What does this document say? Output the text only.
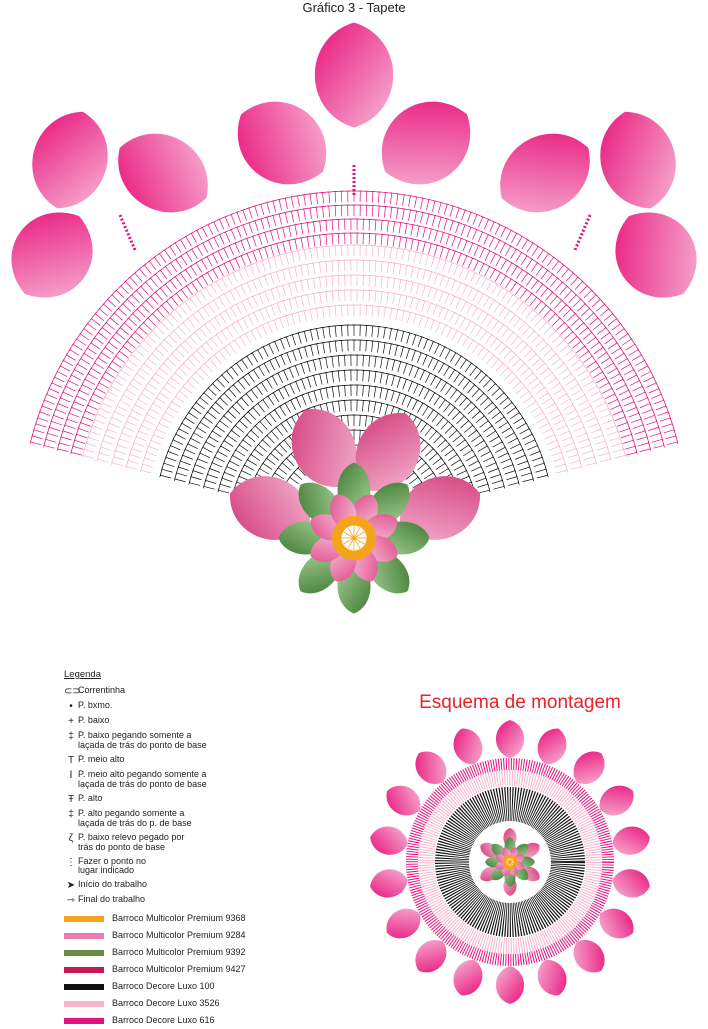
Gráfico 3 - Tapete
Legenda
⊂⊃
Correntinha
• P. bxmo.
+ P. baixo
‡ P. baixo pegando somente a
laçada de trás do ponto de base
T P. meio alto
Ⅰ P. meio alto pegando somente a
laçada de trás do ponto de base
Ŧ P. alto
‡ P. alto pegando somente a
laçada de trás do p. de base
ζ P. baixo relevo pegado por
trás do ponto de base
⋮ Fazer o ponto no
lugar indicado
➤ Início do trabalho
⇾ Final do trabalho
Barroco Multicolor Premium 9368
Barroco Multicolor Premium 9284
Barroco Multicolor Premium 9392
Barroco Multicolor Premium 9427
Barroco Decore Luxo 100
Barroco Decore Luxo 3526
Barroco Decore Luxo 616
Esquema de montagem
